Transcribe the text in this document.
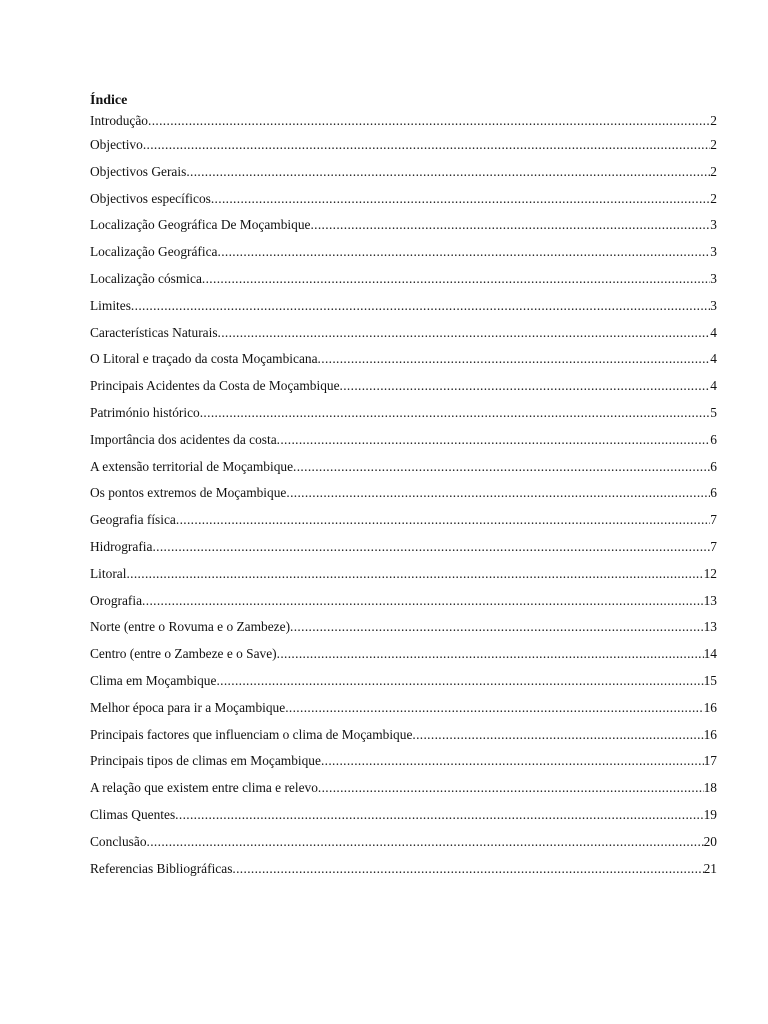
Índice
Introdução .....	2
Objectivo .....	2
Objectivos Gerais .....	2
Objectivos específicos .....	2
Localização Geográfica De Moçambique .....	3
Localização Geográfica .....	3
Localização cósmica .....	3
Limites .....	3
Características Naturais .....	4
O Litoral e traçado da costa Moçambicana .....	4
Principais Acidentes da Costa de Moçambique .....	4
Património histórico .....	5
Importância dos acidentes da costa .....	6
A extensão territorial de Moçambique .....	6
Os pontos extremos de Moçambique .....	6
Geografia física .....	7
Hidrografia .....	7
Litoral .....	12
Orografia .....	13
Norte (entre o Rovuma e o Zambeze) .....	13
Centro (entre o Zambeze e o Save) .....	14
Clima em Moçambique .....	15
Melhor época para ir a Moçambique .....	16
Principais factores que influenciam o clima de Moçambique .....	16
Principais tipos de climas em Moçambique .....	17
A relação que existem entre clima e relevo .....	18
Climas Quentes .....	19
Conclusão .....	20
Referencias Bibliográficas .....	21
